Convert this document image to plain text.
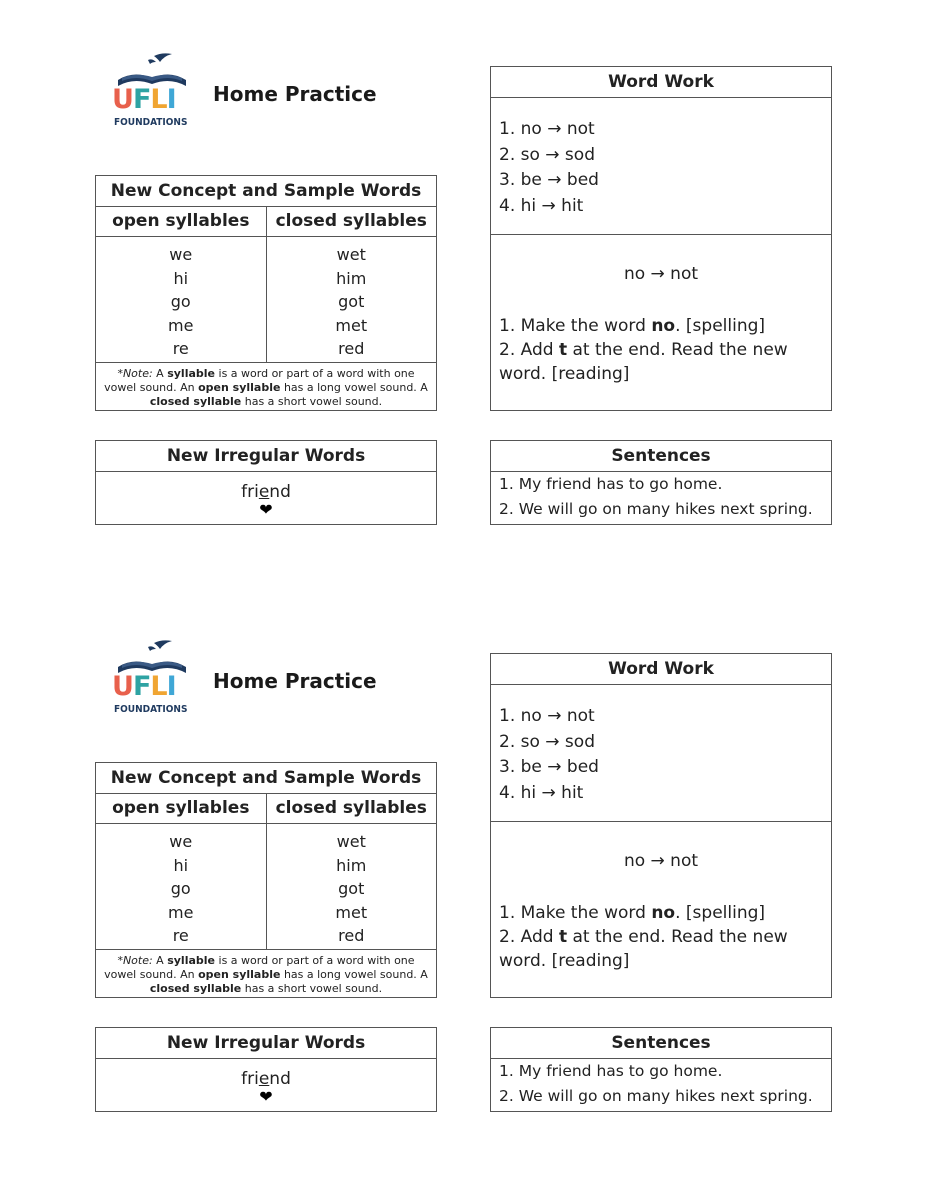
UFLI
FOUNDATIONS
Home Practice
New Concept and Sample Words
open syllables	closed syllables
we
hi
go
me
re
wet
him
got
met
red
*Note: A syllable is a word or part of a word with one vowel sound. An open syllable has a long vowel sound. A closed syllable has a short vowel sound.
New Irregular Words
friend
❤
Word Work
1. no → not
2. so → sod
3. be → bed
4. hi → hit
no → not
1. Make the word no. [spelling]
2. Add t at the end. Read the new word. [reading]
Sentences
1. My friend has to go home.
2. We will go on many hikes next spring.
UFLI
FOUNDATIONS
Home Practice
New Concept and Sample Words
open syllables	closed syllables
we
hi
go
me
re
wet
him
got
met
red
*Note: A syllable is a word or part of a word with one vowel sound. An open syllable has a long vowel sound. A closed syllable has a short vowel sound.
New Irregular Words
friend
❤
Word Work
1. no → not
2. so → sod
3. be → bed
4. hi → hit
no → not
1. Make the word no. [spelling]
2. Add t at the end. Read the new word. [reading]
Sentences
1. My friend has to go home.
2. We will go on many hikes next spring.
